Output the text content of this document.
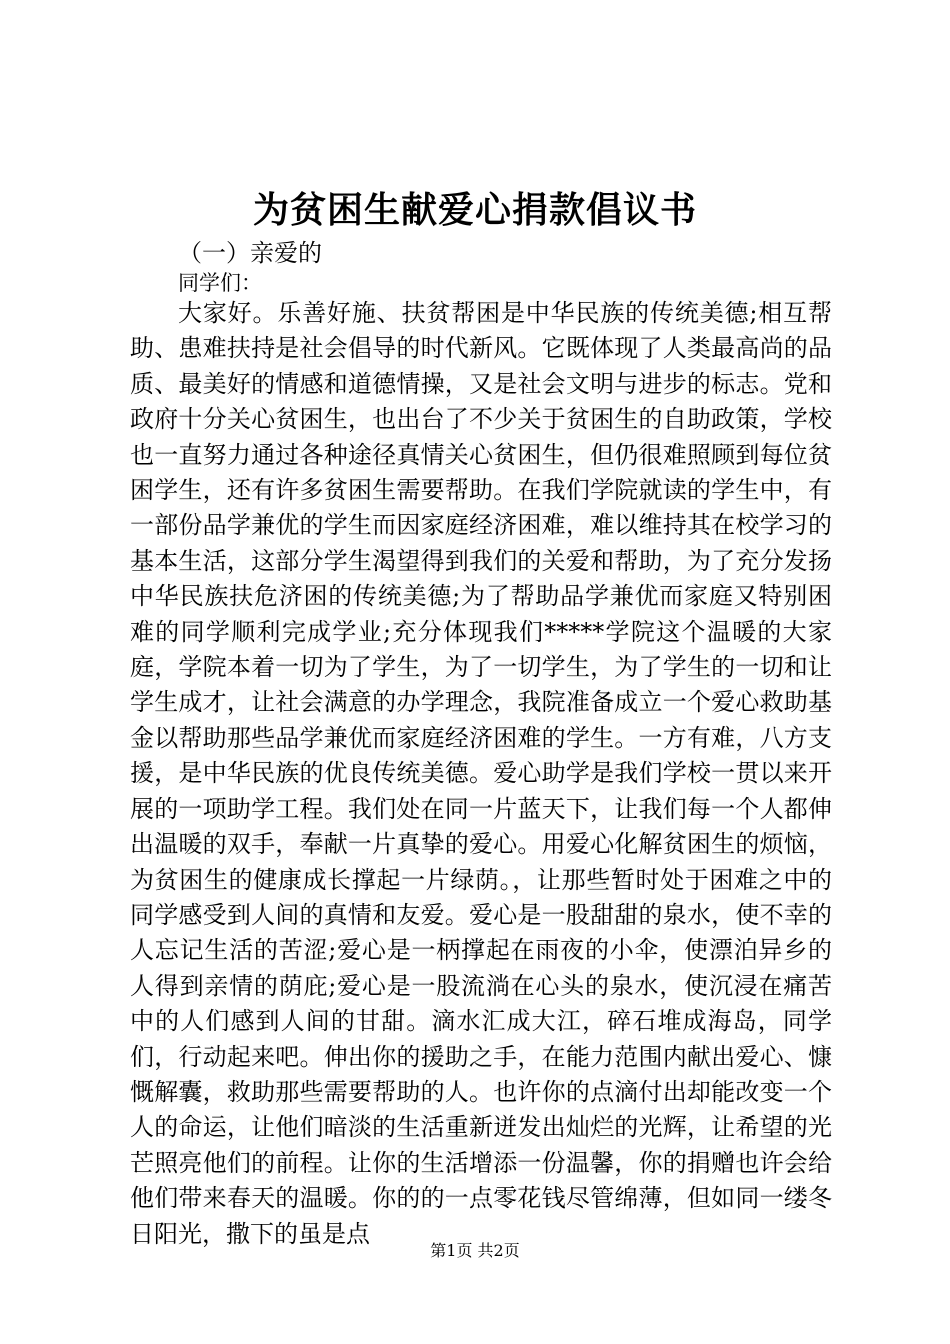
为贫困生献爱心捐款倡议书

（一）亲爱的

同学们：

大家好。乐善好施、扶贫帮困是中华民族的传统美德;相互帮助、患难扶持是社会倡导的时代新风。它既体现了人类最高尚的品质、最美好的情感和道德情操，又是社会文明与进步的标志。党和政府十分关心贫困生，也出台了不少关于贫困生的自助政策，学校也一直努力通过各种途径真情关心贫困生，但仍很难照顾到每位贫困学生，还有许多贫困生需要帮助。在我们学院就读的学生中，有一部份品学兼优的学生而因家庭经济困难，难以维持其在校学习的基本生活，这部分学生渴望得到我们的关爱和帮助，为了充分发扬中华民族扶危济困的传统美德;为了帮助品学兼优而家庭又特别困难的同学顺利完成学业;充分体现我们*****学院这个温暖的大家庭，学院本着一切为了学生，为了一切学生，为了学生的一切和让学生成才，让社会满意的办学理念，我院准备成立一个爱心救助基金以帮助那些品学兼优而家庭经济困难的学生。一方有难，八方支援，是中华民族的优良传统美德。爱心助学是我们学校一贯以来开展的一项助学工程。我们处在同一片蓝天下，让我们每一个人都伸出温暖的双手，奉献一片真挚的爱心。用爱心化解贫困生的烦恼，为贫困生的健康成长撑起一片绿荫。，让那些暂时处于困难之中的同学感受到人间的真情和友爱。爱心是一股甜甜的泉水，使不幸的人忘记生活的苦涩;爱心是一柄撑起在雨夜的小伞，使漂泊异乡的人得到亲情的荫庇;爱心是一股流淌在心头的泉水，使沉浸在痛苦中的人们感到人间的甘甜。滴水汇成大江，碎石堆成海岛，同学们，行动起来吧。伸出你的援助之手，在能力范围内献出爱心、慷慨解囊，救助那些需要帮助的人。也许你的点滴付出却能改变一个人的命运，让他们暗淡的生活重新迸发出灿烂的光辉，让希望的光芒照亮他们的前程。让你的生活增添一份温馨，你的捐赠也许会给他们带来春天的温暖。你的的一点零花钱尽管绵薄，但如同一缕冬日阳光，撒下的虽是点

第1页 共2页
